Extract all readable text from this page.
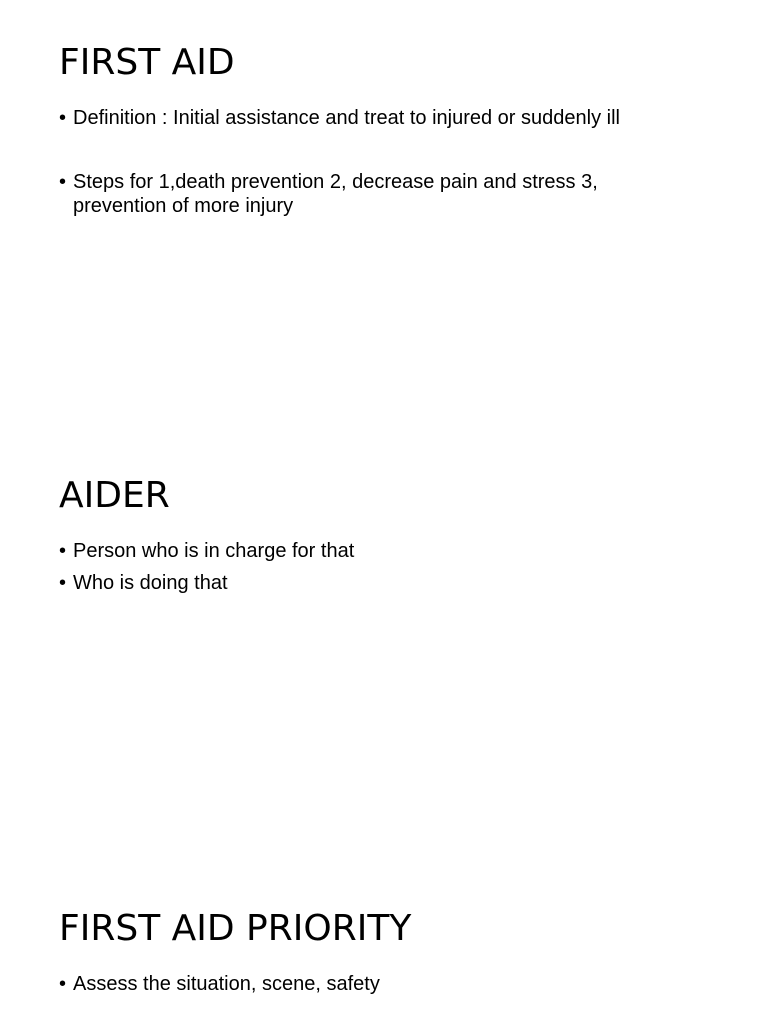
FIRST AID
• Definition : Initial assistance and treat to injured or suddenly ill
• Steps for 1,death prevention 2, decrease pain and stress 3,
prevention of more injury
AIDER
• Person who is in charge for that
• Who is doing that
FIRST AID PRIORITY
• Assess the situation, scene, safety
